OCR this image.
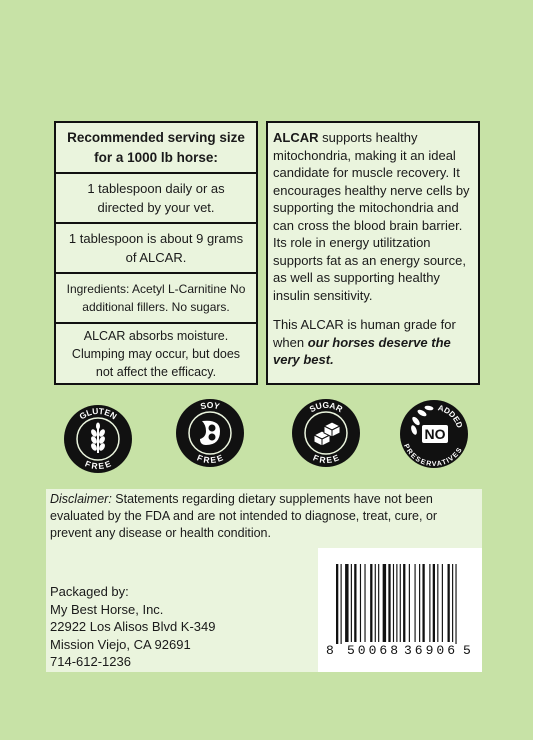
Recommended serving size for a 1000 lb horse:
1 tablespoon daily or as directed by your vet.
1 tablespoon is about 9 grams of ALCAR.
Ingredients: Acetyl L-Carnitine No additional fillers. No sugars.
ALCAR absorbs moisture. Clumping may occur, but does not affect the efficacy.

ALCAR supports healthy mitochondria, making it an ideal candidate for muscle recovery. It encourages healthy nerve cells by supporting the mitochondria and can cross the blood brain barrier. Its role in energy utilitzation supports fat as an energy source, as well as supporting healthy insulin sensitivity.

This ALCAR is human grade for when our horses deserve the very best.

GLUTEN
FREE
SOY
FREE
SUGAR
FREE
ADDED
PRESERVATIVES
NO
Disclaimer: Statements regarding dietary supplements have not been evaluated by the FDA and are not intended to diagnose, treat, cure, or prevent any disease or health condition.
Packaged by:
My Best Horse, Inc.
22922 Los Alisos Blvd K-349
Mission Viejo, CA 92691
714-612-1236
8 50068 36906 5
